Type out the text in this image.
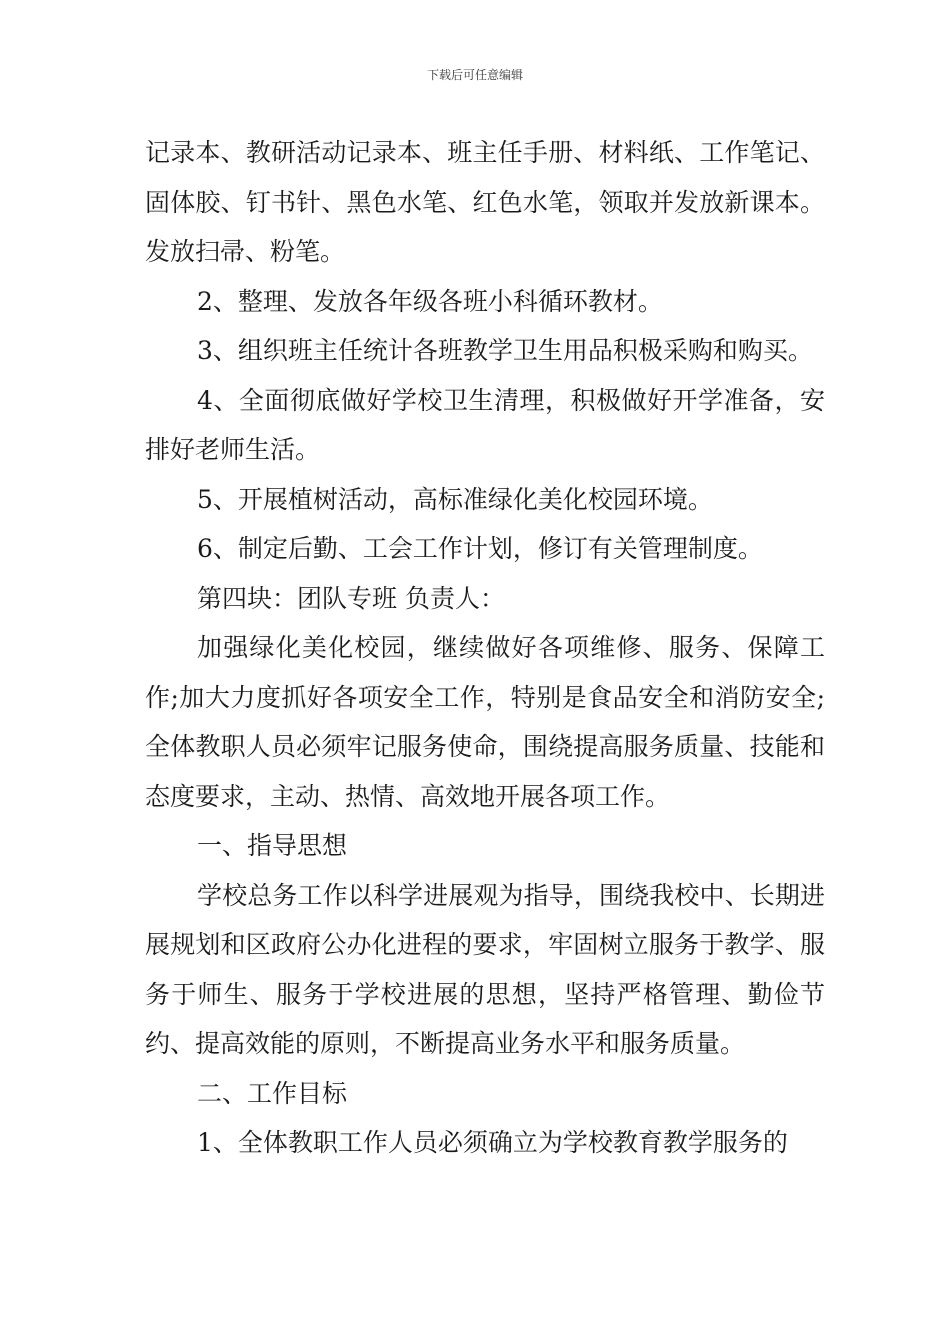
下载后可任意编辑

记录本、教研活动记录本、班主任手册、材料纸、工作笔记、固体胶、钉书针、黑色水笔、红色水笔，领取并发放新课本。发放扫帚、粉笔。

2、整理、发放各年级各班小科循环教材。

3、组织班主任统计各班教学卫生用品积极采购和购买。

4、全面彻底做好学校卫生清理，积极做好开学准备，安排好老师生活。

5、开展植树活动，高标准绿化美化校园环境。

6、制定后勤、工会工作计划，修订有关管理制度。

第四块：团队专班 负责人：

加强绿化美化校园，继续做好各项维修、服务、保障工作;加大力度抓好各项安全工作，特别是食品安全和消防安全;全体教职人员必须牢记服务使命，围绕提高服务质量、技能和态度要求，主动、热情、高效地开展各项工作。

一、指导思想

学校总务工作以科学进展观为指导，围绕我校中、长期进展规划和区政府公办化进程的要求，牢固树立服务于教学、服务于师生、服务于学校进展的思想，坚持严格管理、勤俭节约、提高效能的原则，不断提高业务水平和服务质量。

二、工作目标

1、全体教职工作人员必须确立为学校教育教学服务的
